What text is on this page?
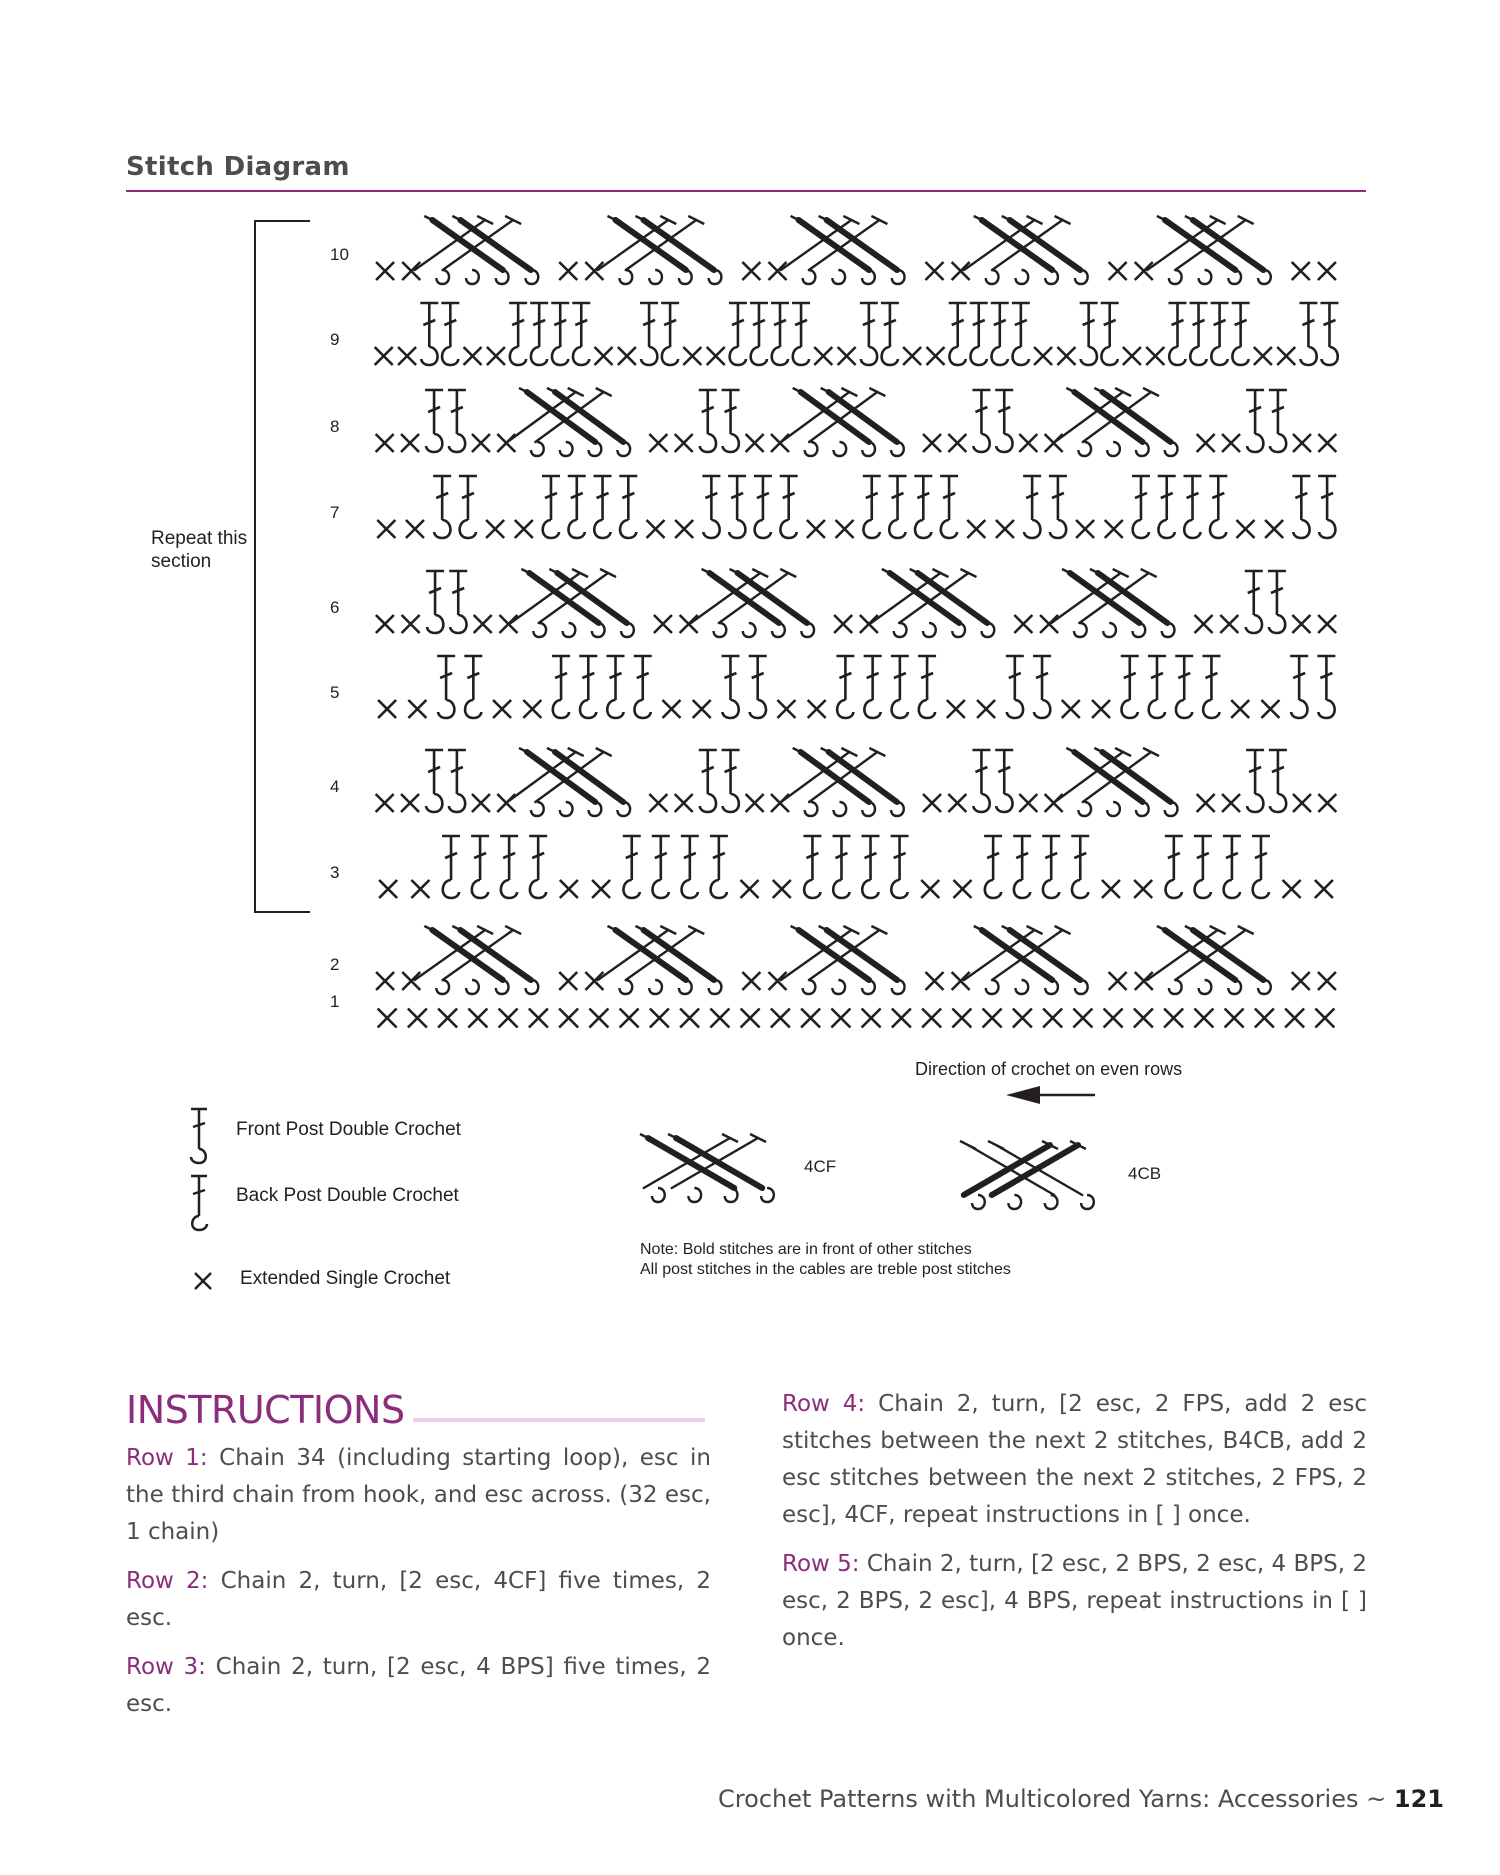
Stitch Diagram
10
9
8
7
6
5
4
3
2
1
4CF	4CB
Repeat this section
Direction of crochet on even rows
Front Post Double Crochet
Back Post Double Crochet
Extended Single Crochet
Note: Bold stitches are in front of other stitches
All post stitches in the cables are treble post stitches
INSTRUCTIONS

Row 1: Chain 34 (including starting loop), esc in the third chain from hook, and esc across. (32 esc, 1 chain)

Row 2: Chain 2, turn, [2 esc, 4CF] five times, 2 esc.

Row 3: Chain 2, turn, [2 esc, 4 BPS] five times, 2 esc.

Row 4: Chain 2, turn, [2 esc, 2 FPS, add 2 esc stitches between the next 2 stitches, B4CB, add 2 esc stitches between the next 2 stitches, 2 FPS, 2 esc], 4CF, repeat instructions in [ ] once.

Row 5: Chain 2, turn, [2 esc, 2 BPS, 2 esc, 4 BPS, 2 esc, 2 BPS, 2 esc], 4 BPS, repeat instructions in [ ] once.

Crochet Patterns with Multicolored Yarns: Accessories ~ 121
